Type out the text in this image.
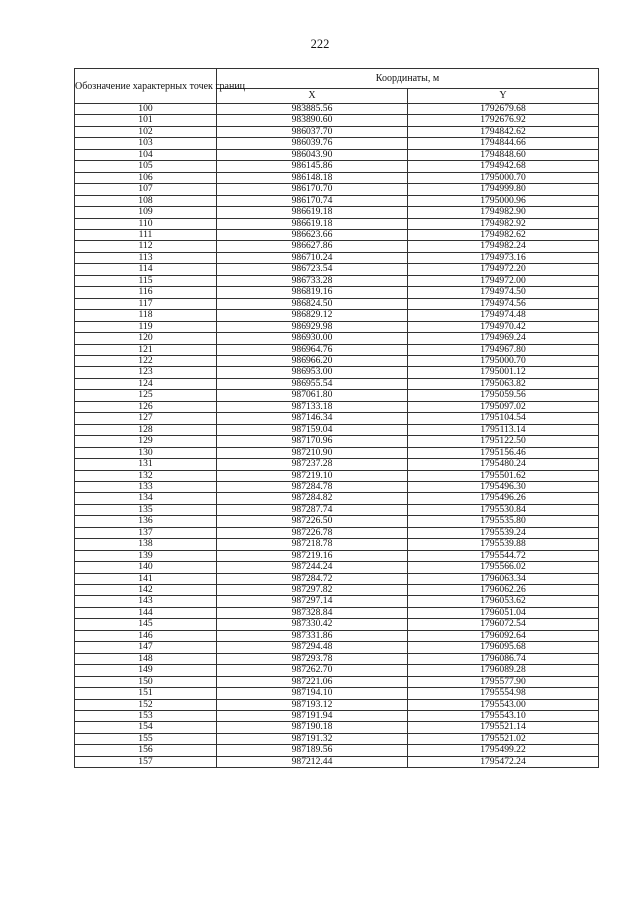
222
Обозначение характерных точек границ	Координаты, м	
	X	Y
100	983885.56	1792679.68
101	983890.60	1792676.92
102	986037.70	1794842.62
103	986039.76	1794844.66
104	986043.90	1794848.60
105	986145.86	1794942.68
106	986148.18	1795000.70
107	986170.70	1794999.80
108	986170.74	1795000.96
109	986619.18	1794982.90
110	986619.18	1794982.92
111	986623.66	1794982.62
112	986627.86	1794982.24
113	986710.24	1794973.16
114	986723.54	1794972.20
115	986733.28	1794972.00
116	986819.16	1794974.50
117	986824.50	1794974.56
118	986829.12	1794974.48
119	986929.98	1794970.42
120	986930.00	1794969.24
121	986964.76	1794967.80
122	986966.20	1795000.70
123	986953.00	1795001.12
124	986955.54	1795063.82
125	987061.80	1795059.56
126	987133.18	1795097.02
127	987146.34	1795104.54
128	987159.04	1795113.14
129	987170.96	1795122.50
130	987210.90	1795156.46
131	987237.28	1795480.24
132	987219.10	1795501.62
133	987284.78	1795496.30
134	987284.82	1795496.26
135	987287.74	1795530.84
136	987226.50	1795535.80
137	987226.78	1795539.24
138	987218.78	1795539.88
139	987219.16	1795544.72
140	987244.24	1795566.02
141	987284.72	1796063.34
142	987297.82	1796062.26
143	987297.14	1796053.62
144	987328.84	1796051.04
145	987330.42	1796072.54
146	987331.86	1796092.64
147	987294.48	1796095.68
148	987293.78	1796086.74
149	987262.70	1796089.28
150	987221.06	1795577.90
151	987194.10	1795554.98
152	987193.12	1795543.00
153	987191.94	1795543.10
154	987190.18	1795521.14
155	987191.32	1795521.02
156	987189.56	1795499.22
157	987212.44	1795472.24
